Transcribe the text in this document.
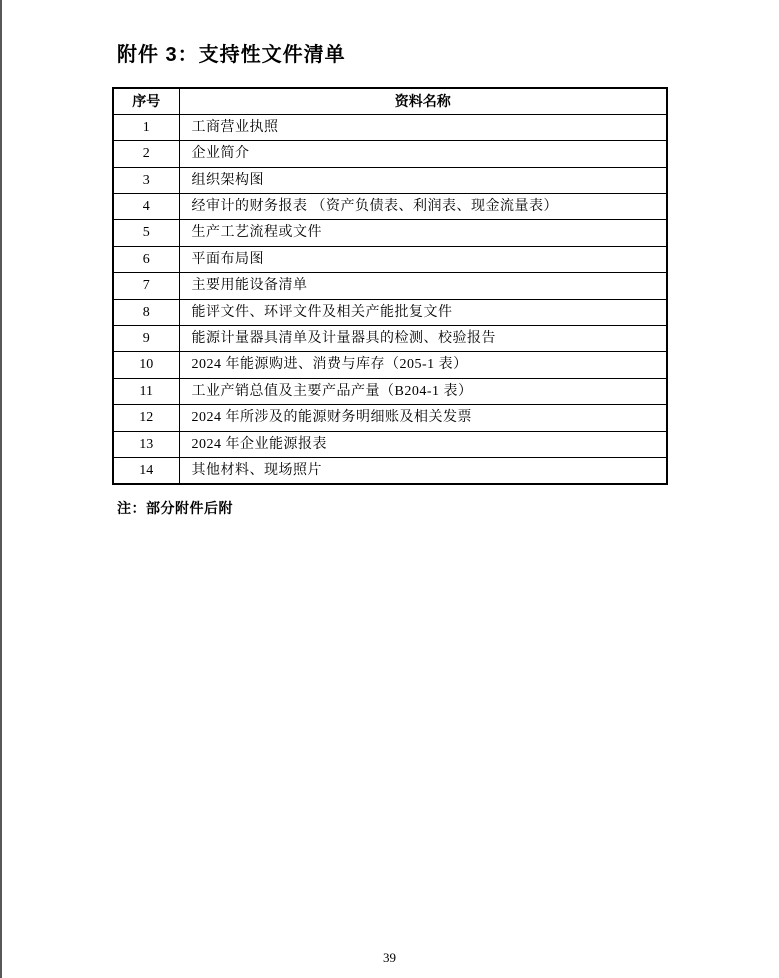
附件 3：支持性文件清单
序号	资料名称
1	工商营业执照
2	企业简介
3	组织架构图
4	经审计的财务报表 （资产负债表、利润表、现金流量表）
5	生产工艺流程或文件
6	平面布局图
7	主要用能设备清单
8	能评文件、环评文件及相关产能批复文件
9	能源计量器具清单及计量器具的检测、校验报告
10	2024 年能源购进、消费与库存（205-1 表）
11	工业产销总值及主要产品产量（B204-1 表）
12	2024 年所涉及的能源财务明细账及相关发票
13	2024 年企业能源报表
14	其他材料、现场照片
注：部分附件后附
39
